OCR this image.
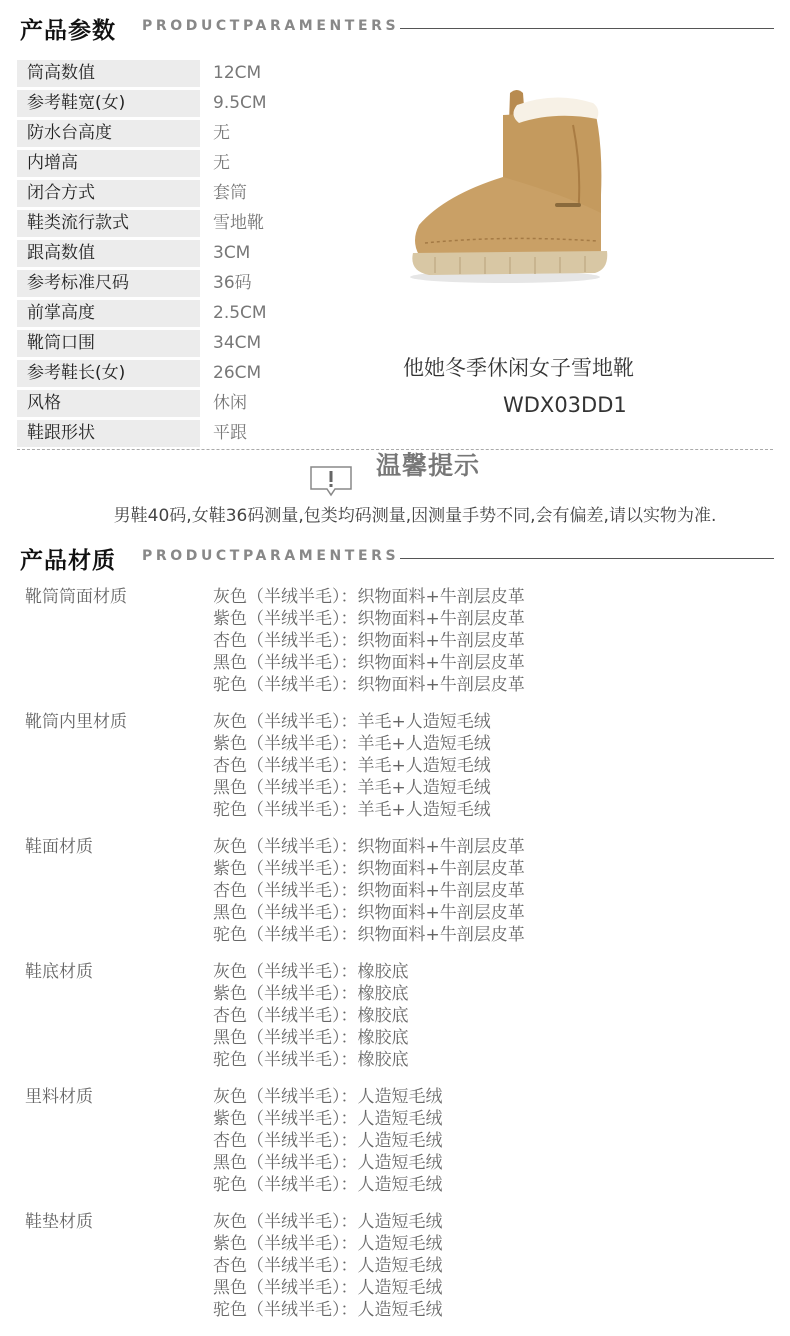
产品参数 PRODUCTPARAMENTERS
筒高数值	12CM
参考鞋宽(女)	9.5CM
防水台高度	无
内增高	无
闭合方式	套筒
鞋类流行款式	雪地靴
跟高数值	3CM
参考标准尺码	36码
前掌高度	2.5CM
靴筒口围	34CM
参考鞋长(女)	26CM
风格	休闲
鞋跟形状	平跟
他她冬季休闲女子雪地靴
WDX03DD1
温馨提示
男鞋40码,女鞋36码测量,包类均码测量,因测量手势不同,会有偏差,请以实物为准.
产品材质 PRODUCTPARAMENTERS
靴筒筒面材质	灰色（半绒半毛）：织物面料+牛剖层皮革
紫色（半绒半毛）：织物面料+牛剖层皮革
杏色（半绒半毛）：织物面料+牛剖层皮革
黑色（半绒半毛）：织物面料+牛剖层皮革
驼色（半绒半毛）：织物面料+牛剖层皮革
靴筒内里材质	灰色（半绒半毛）：羊毛+人造短毛绒
紫色（半绒半毛）：羊毛+人造短毛绒
杏色（半绒半毛）：羊毛+人造短毛绒
黑色（半绒半毛）：羊毛+人造短毛绒
驼色（半绒半毛）：羊毛+人造短毛绒
鞋面材质	灰色（半绒半毛）：织物面料+牛剖层皮革
紫色（半绒半毛）：织物面料+牛剖层皮革
杏色（半绒半毛）：织物面料+牛剖层皮革
黑色（半绒半毛）：织物面料+牛剖层皮革
驼色（半绒半毛）：织物面料+牛剖层皮革
鞋底材质	灰色（半绒半毛）：橡胶底
紫色（半绒半毛）：橡胶底
杏色（半绒半毛）：橡胶底
黑色（半绒半毛）：橡胶底
驼色（半绒半毛）：橡胶底
里料材质	灰色（半绒半毛）：人造短毛绒
紫色（半绒半毛）：人造短毛绒
杏色（半绒半毛）：人造短毛绒
黑色（半绒半毛）：人造短毛绒
驼色（半绒半毛）：人造短毛绒
鞋垫材质	灰色（半绒半毛）：人造短毛绒
紫色（半绒半毛）：人造短毛绒
杏色（半绒半毛）：人造短毛绒
黑色（半绒半毛）：人造短毛绒
驼色（半绒半毛）：人造短毛绒
